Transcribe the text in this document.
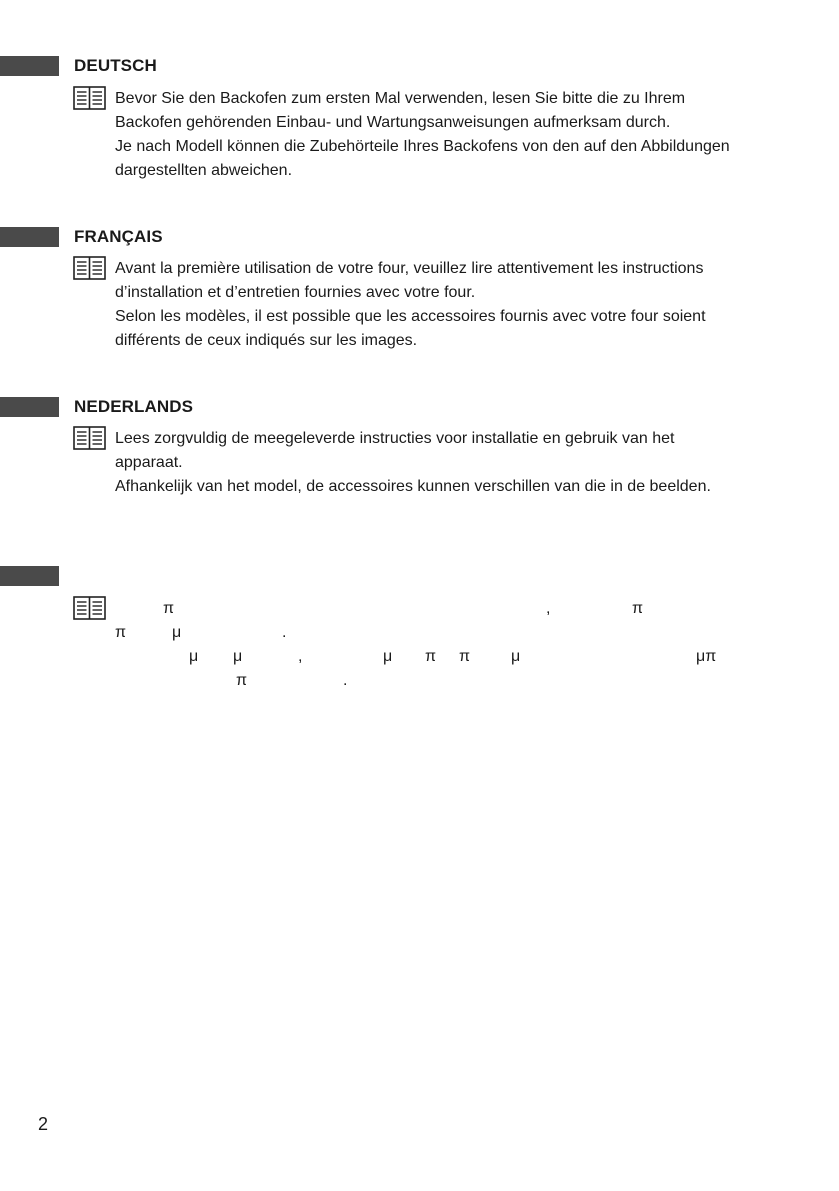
DEUTSCH
Bevor Sie den Backofen zum ersten Mal verwenden, lesen Sie bitte die zu Ihrem
Backofen gehörenden Einbau- und Wartungsanweisungen aufmerksam durch.
Je nach Modell können die Zubehörteile Ihres Backofens von den auf den Abbildungen
dargestellten abweichen.
FRANÇAIS
Avant la première utilisation de votre four, veuillez lire attentivement les instructions
d’installation et d’entretien fournies avec votre four.
Selon les modèles, il est possible que les accessoires fournis avec votre four soient
différents de ceux indiqués sur les images.
NEDERLANDS
Lees zorgvuldig de meegeleverde instructies voor installatie en gebruik van het
apparaat.
Afhankelijk van het model, de accessoires kunnen verschillen van die in de beelden.
π	,	π
π	μ	.
μ μ	,	μ π π	μ	μπ
π	.
2
